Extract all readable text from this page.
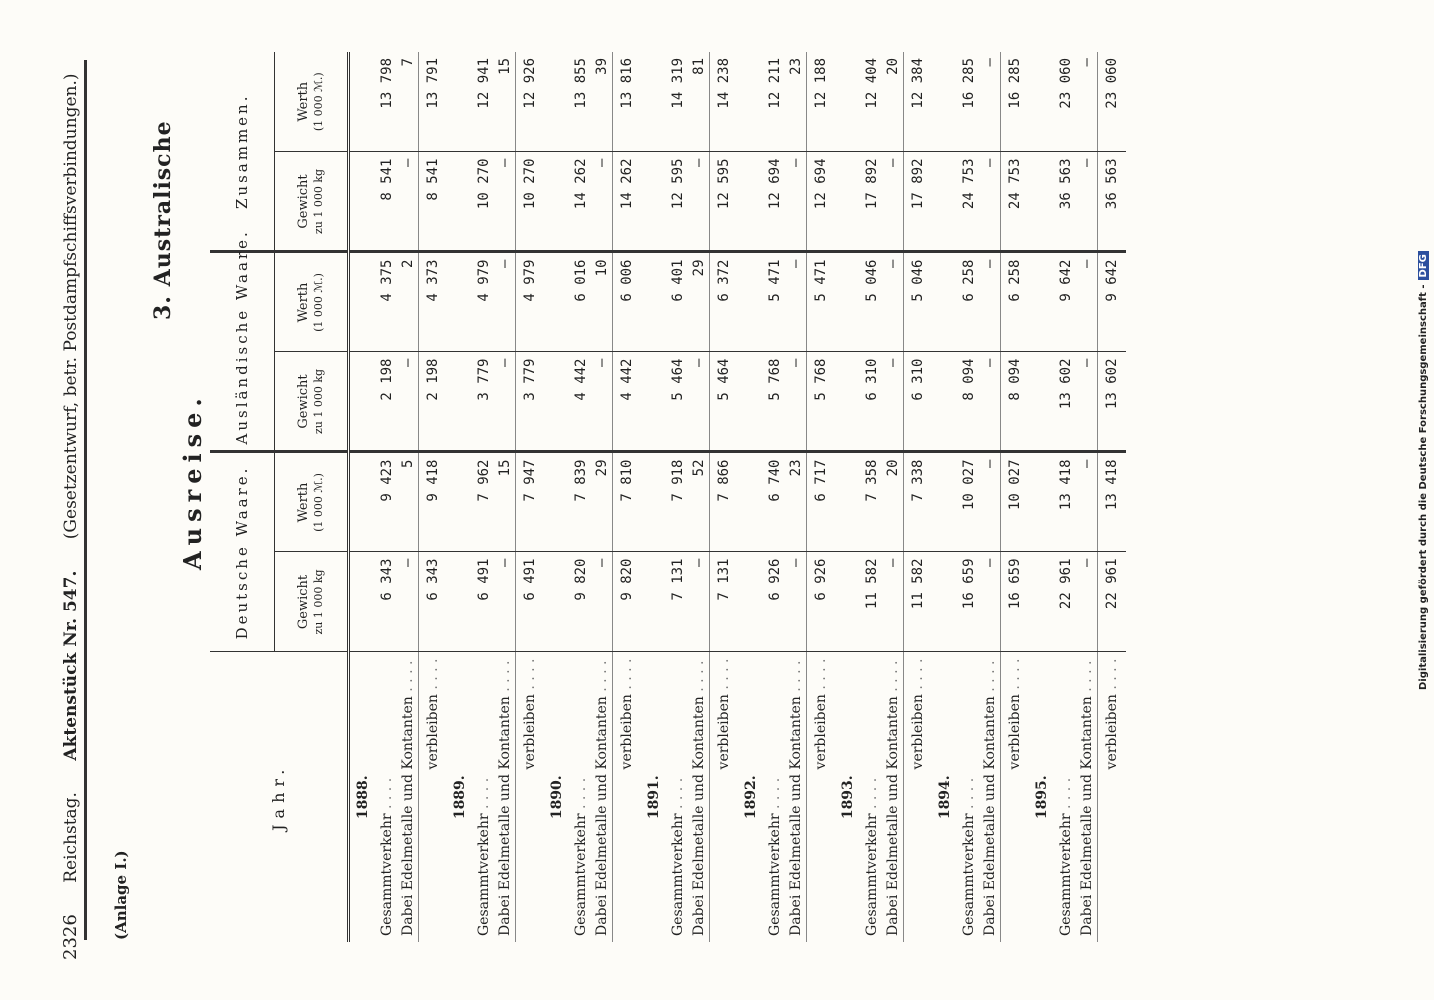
2326 Reichstag. Aktenstück Nr. 547. (Gesetzentwurf, betr. Postdampfschiffsverbindungen.)
(Anlage I.)
3. Australische
Ausreise.	Digitalisierung gefördert durch die Deutsche Forschungsgemeinschaft -DFG
Jahr.	Deutsche Waare.		Ausländische Waare.		Zusammen.	
	Gewicht zu 1 000 kg	Werth (1 000 ℳ.)	Gewicht zu 1 000 kg	Werth (1 000 ℳ.)	Gewicht zu 1 000 kg	Werth (1 000 ℳ.)

1888.						
Gesammtverkehr . . . .	6 343	9 423	2 198	4 375	8 541	13 798
Dabei Edelmetalle und Kontanten . . . .	—	5	—	2	—	7
verbleiben . . . .	6 343	9 418	2 198	4 373	8 541	13 791
1889.						
Gesammtverkehr . . . .	6 491	7 962	3 779	4 979	10 270	12 941
Dabei Edelmetalle und Kontanten . . . .	—	15	—	—	—	15
verbleiben . . . .	6 491	7 947	3 779	4 979	10 270	12 926
1890.						
Gesammtverkehr . . . .	9 820	7 839	4 442	6 016	14 262	13 855
Dabei Edelmetalle und Kontanten . . . .	—	29	—	10	—	39
verbleiben . . . .	9 820	7 810	4 442	6 006	14 262	13 816
1891.						
Gesammtverkehr . . . .	7 131	7 918	5 464	6 401	12 595	14 319
Dabei Edelmetalle und Kontanten . . . .	—	52	—	29	—	81
verbleiben . . . .	7 131	7 866	5 464	6 372	12 595	14 238
1892.						
Gesammtverkehr . . . .	6 926	6 740	5 768	5 471	12 694	12 211
Dabei Edelmetalle und Kontanten . . . .	—	23	—	—	—	23
verbleiben . . . .	6 926	6 717	5 768	5 471	12 694	12 188
1893.						
Gesammtverkehr . . . .	11 582	7 358	6 310	5 046	17 892	12 404
Dabei Edelmetalle und Kontanten . . . .	—	20	—	—	—	20
verbleiben . . . .	11 582	7 338	6 310	5 046	17 892	12 384
1894.						
Gesammtverkehr . . . .	16 659	10 027	8 094	6 258	24 753	16 285
Dabei Edelmetalle und Kontanten . . . .	—	—	—	—	—	—
verbleiben . . . .	16 659	10 027	8 094	6 258	24 753	16 285
1895.						
Gesammtverkehr . . . .	22 961	13 418	13 602	9 642	36 563	23 060
Dabei Edelmetalle und Kontanten . . . .	—	—	—	—	—	—
verbleiben . . . .	22 961	13 418	13 602	9 642	36 563	23 060
